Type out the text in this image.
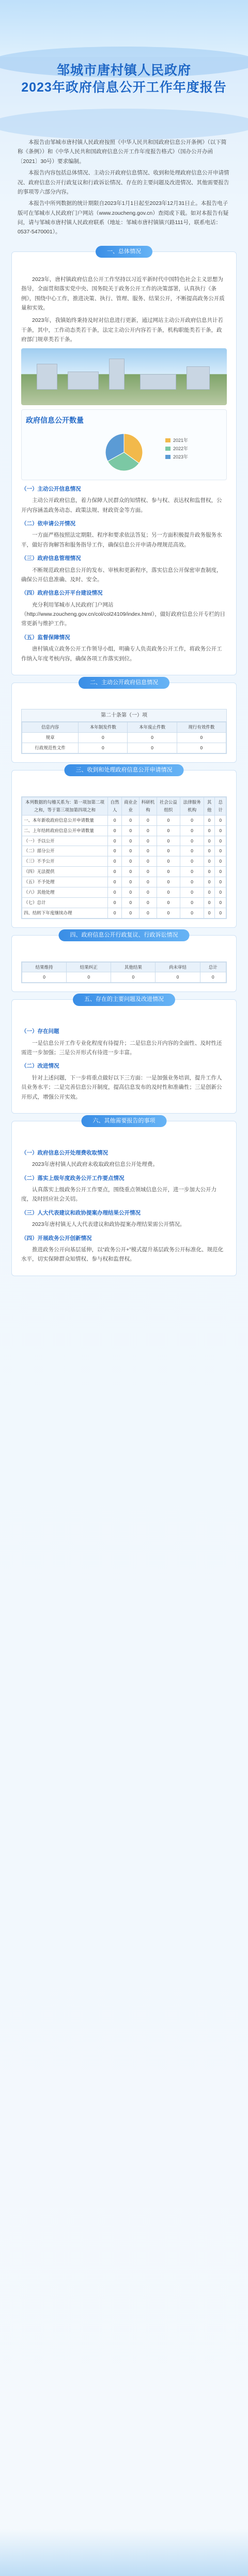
邹城市唐村镇人民政府
2023年政府信息公开工作年度报告

本报告由邹城市唐村镇人民政府按照《中华人民共和国政府信息公开条例》（以下简称《条例》）和《中华人民共和国政府信息公开工作年度报告格式》（国办公开办函〔2021〕30号）要求编制。

本报告内容包括总体情况、主动公开政府信息情况、收到和处理政府信息公开申请情况、政府信息公开行政复议和行政诉讼情况、存在的主要问题及改进情况、其他需要报告的事项等六部分内容。

本报告中所列数据的统计期限自2023年1月1日起至2023年12月31日止。本报告电子版可在邹城市人民政府门户网站（www.zoucheng.gov.cn）查阅或下载。如对本报告有疑问，请与邹城市唐村镇人民政府联系（地址：邹城市唐村镇镇兴路111号，联系电话：0537-5470001）。

一、总体情况

2023年，唐村镇政府信息公开工作坚持以习近平新时代中国特色社会主义思想为指导，全面贯彻落实党中央、国务院关于政务公开工作的决策部署，认真执行《条例》，围绕中心工作，推进决策、执行、管理、服务、结果公开，不断提高政务公开质量和实效。

2023年，我镇始终秉持及时对信息进行更新，通过网站主动公开政府信息共计若干条，其中，工作动态类若干条，法定主动公开内容若干条，机构职能类若干条，政府部门规章类若干条。

政府信息公开数量
2021年
2022年
2023年

（一）主动公开信息情况

主动公开政府信息，着力保障人民群众的知情权、参与权、表达权和监督权，公开内容涵盖政务动态、政策法规、财政资金等方面。

（二）依申请公开情况

一方面严格按照法定期限、程序和要求依法答复；另一方面积极提升政务服务水平，做好咨询解答和服务指导工作，确保信息公开申请办理规范高效。

（三）政府信息管理情况

不断规范政府信息公开的发布、审核和更新程序，落实信息公开保密审查制度，确保公开信息准确、及时、安全。

（四）政府信息公开平台建设情况

充分利用邹城市人民政府门户网站（http://www.zoucheng.gov.cn/col/col24109/index.html），做好政府信息公开专栏的日常更新与维护工作。

（五）监督保障情况

唐村镇成立政务公开工作领导小组，明确专人负责政务公开工作，将政务公开工作纳入年度考核内容，确保各项工作落实到位。

二、主动公开政府信息情况
第二十条第（一）项
信息内容	本年制发件数	本年废止件数	现行有效件数
规章	0	0	0
行政规范性文件	0	0	0
三、收到和处理政府信息公开申请情况
本列数据的勾稽关系为：第一项加第二项之和，等于第三项加第四项之和	自然人	商业企业	科研机构	社会公益组织	法律服务机构	其他	总计
一、本年新收政府信息公开申请数量	0	0	0	0	0	0	0
二、上年结转政府信息公开申请数量	0	0	0	0	0	0	0
（一）予以公开	0	0	0	0	0	0	0
（二）部分公开	0	0	0	0	0	0	0
（三）不予公开	0	0	0	0	0	0	0
（四）无法提供	0	0	0	0	0	0	0
（五）不予处理	0	0	0	0	0	0	0
（六）其他处理	0	0	0	0	0	0	0
（七）总计	0	0	0	0	0	0	0
四、结转下年度继续办理	0	0	0	0	0	0	0
四、政府信息公开行政复议、行政诉讼情况
结果维持	结果纠正	其他结果	尚未审结	总计
0	0	0	0	0
五、存在的主要问题及改进情况

（一）存在问题

一是信息公开工作专业化程度有待提升；二是信息公开内容的全面性、及时性还需进一步加强；三是公开形式有待进一步丰富。

（二）改进情况

针对上述问题，下一步将重点做好以下三方面：一是加强业务培训，提升工作人员业务水平；二是完善信息公开制度，提高信息发布的及时性和准确性；三是创新公开形式，增强公开实效。

六、其他需要报告的事项

（一）政府信息公开处理费收取情况

2023年唐村镇人民政府未收取政府信息公开处理费。

（二）落实上级年度政务公开工作要点情况

认真落实上级政务公开工作要点，围绕重点领域信息公开，进一步加大公开力度，及时回应社会关切。

（三）人大代表建议和政协提案办理结果公开情况

2023年唐村镇无人大代表建议和政协提案办理结果需公开情况。

（四）开展政务公开创新情况

推进政务公开向基层延伸，以“政务公开+”模式提升基层政务公开标准化、规范化水平，切实保障群众知情权、参与权和监督权。
